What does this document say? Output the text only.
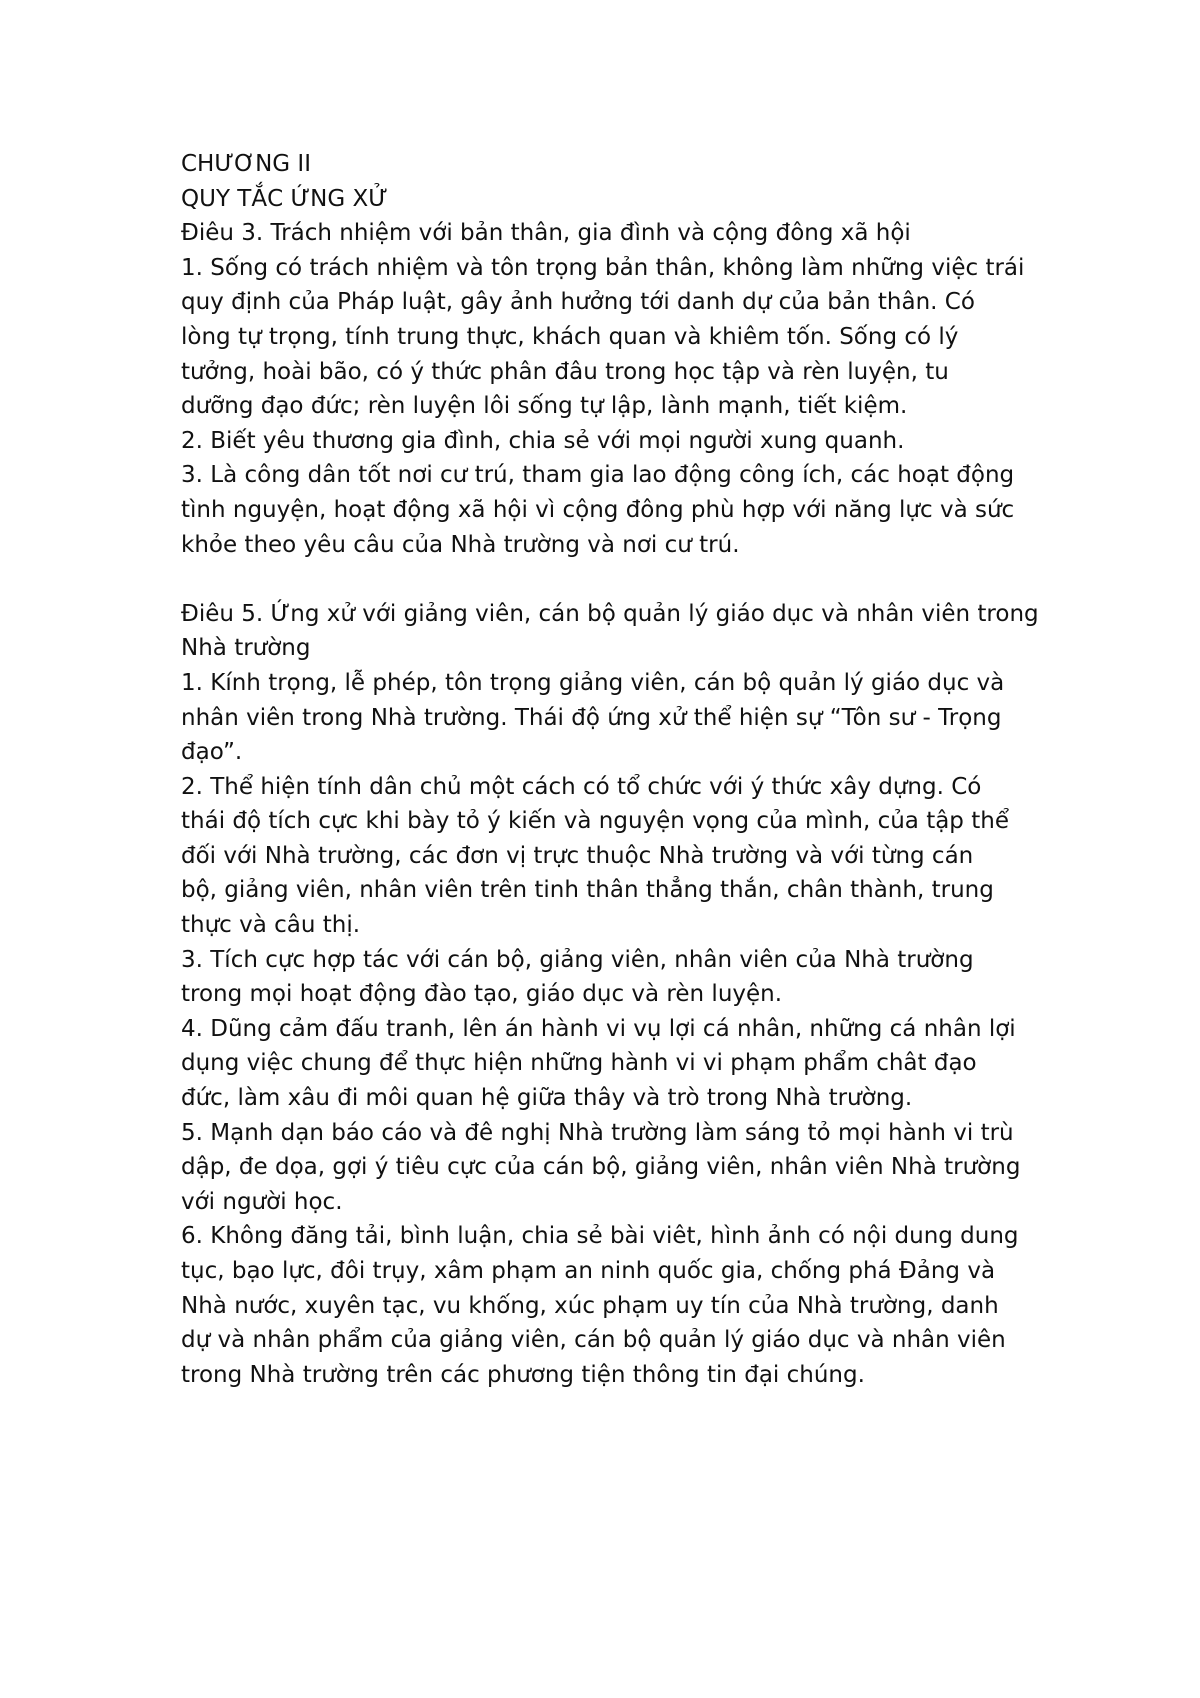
CHƯƠNG II
QUY TẮC ỨNG XỬ
Điêu 3. Trách nhiệm với bản thân, gia đình và cộng đông xã hội
1. Sống có trách nhiệm và tôn trọng bản thân, không làm những việc trái
quy định của Pháp luật, gây ảnh hưởng tới danh dự của bản thân. Có
lòng tự trọng, tính trung thực, khách quan và khiêm tốn. Sống có lý
tưởng, hoài bão, có ý thức phân đâu trong học tập và rèn luyện, tu
dưỡng đạo đức; rèn luyện lôi sống tự lập, lành mạnh, tiết kiệm.
2. Biết yêu thương gia đình, chia sẻ với mọi người xung quanh.
3. Là công dân tốt nơi cư trú, tham gia lao động công ích, các hoạt động
tình nguyện, hoạt động xã hội vì cộng đông phù hợp với năng lực và sức
khỏe theo yêu câu của Nhà trường và nơi cư trú.
Điêu 5. Ứng xử với giảng viên, cán bộ quản lý giáo dục và nhân viên trong
Nhà trường
1. Kính trọng, lễ phép, tôn trọng giảng viên, cán bộ quản lý giáo dục và
nhân viên trong Nhà trường. Thái độ ứng xử thể hiện sự “Tôn sư - Trọng
đạo”.
2. Thể hiện tính dân chủ một cách có tổ chức với ý thức xây dựng. Có
thái độ tích cực khi bày tỏ ý kiến và nguyện vọng của mình, của tập thể
đối với Nhà trường, các đơn vị trực thuộc Nhà trường và với từng cán
bộ, giảng viên, nhân viên trên tinh thân thẳng thắn, chân thành, trung
thực và câu thị.
3. Tích cực hợp tác với cán bộ, giảng viên, nhân viên của Nhà trường
trong mọi hoạt động đào tạo, giáo dục và rèn luyện.
4. Dũng cảm đấu tranh, lên án hành vi vụ lợi cá nhân, những cá nhân lợi
dụng việc chung để thực hiện những hành vi vi phạm phẩm chât đạo
đức, làm xâu đi môi quan hệ giữa thây và trò trong Nhà trường.
5. Mạnh dạn báo cáo và đê nghị Nhà trường làm sáng tỏ mọi hành vi trù
dập, đe dọa, gợi ý tiêu cực của cán bộ, giảng viên, nhân viên Nhà trường
với người học.
6. Không đăng tải, bình luận, chia sẻ bài viêt, hình ảnh có nội dung dung
tục, bạo lực, đôi trụy, xâm phạm an ninh quốc gia, chống phá Đảng và
Nhà nước, xuyên tạc, vu khống, xúc phạm uy tín của Nhà trường, danh
dự và nhân phẩm của giảng viên, cán bộ quản lý giáo dục và nhân viên
trong Nhà trường trên các phương tiện thông tin đại chúng.
